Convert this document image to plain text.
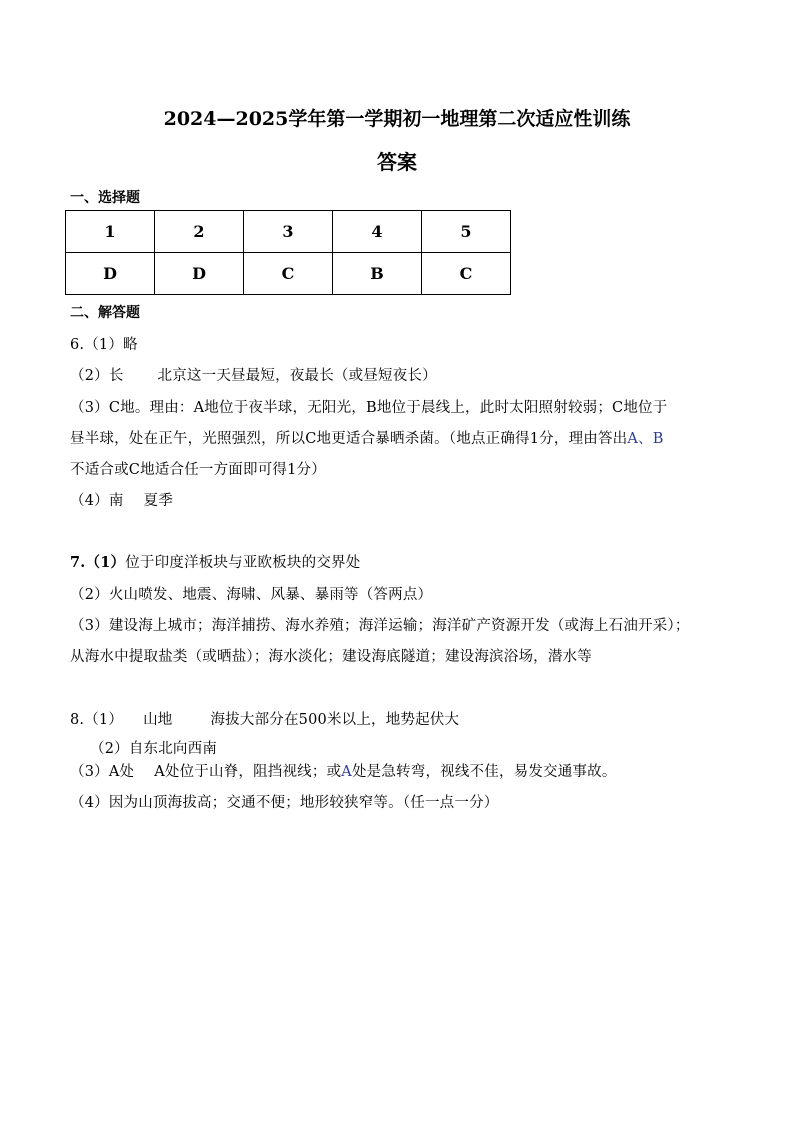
2024—2025学年第一学期初一地理第二次适应性训练
答案
一、选择题
1	2	3	4	5
D	D	C	B	C
二、解答题
6.（1）略
（2）长 北京这一天昼最短，夜最长（或昼短夜长）
（3）C地。理由：A地位于夜半球，无阳光，B地位于晨线上，此时太阳照射较弱；C地位于
昼半球，处在正午，光照强烈，所以C地更适合暴晒杀菌。（地点正确得1分，理由答出A、B
不适合或C地适合任一方面即可得1分）
（4）南 夏季
7.（1）位于印度洋板块与亚欧板块的交界处
（2）火山喷发、地震、海啸、风暴、暴雨等（答两点）
（3）建设海上城市；海洋捕捞、海水养殖；海洋运输；海洋矿产资源开发（或海上石油开采）；
从海水中提取盐类（或晒盐）；海水淡化；建设海底隧道；建设海滨浴场，潜水等
8.（1） 山地	海拔大部分在500米以上，地势起伏大
（2）自东北向西南
（3）A处 A处位于山脊，阻挡视线；或A处是急转弯，视线不佳，易发交通事故。
（4）因为山顶海拔高；交通不便；地形较狭窄等。（任一点一分）
